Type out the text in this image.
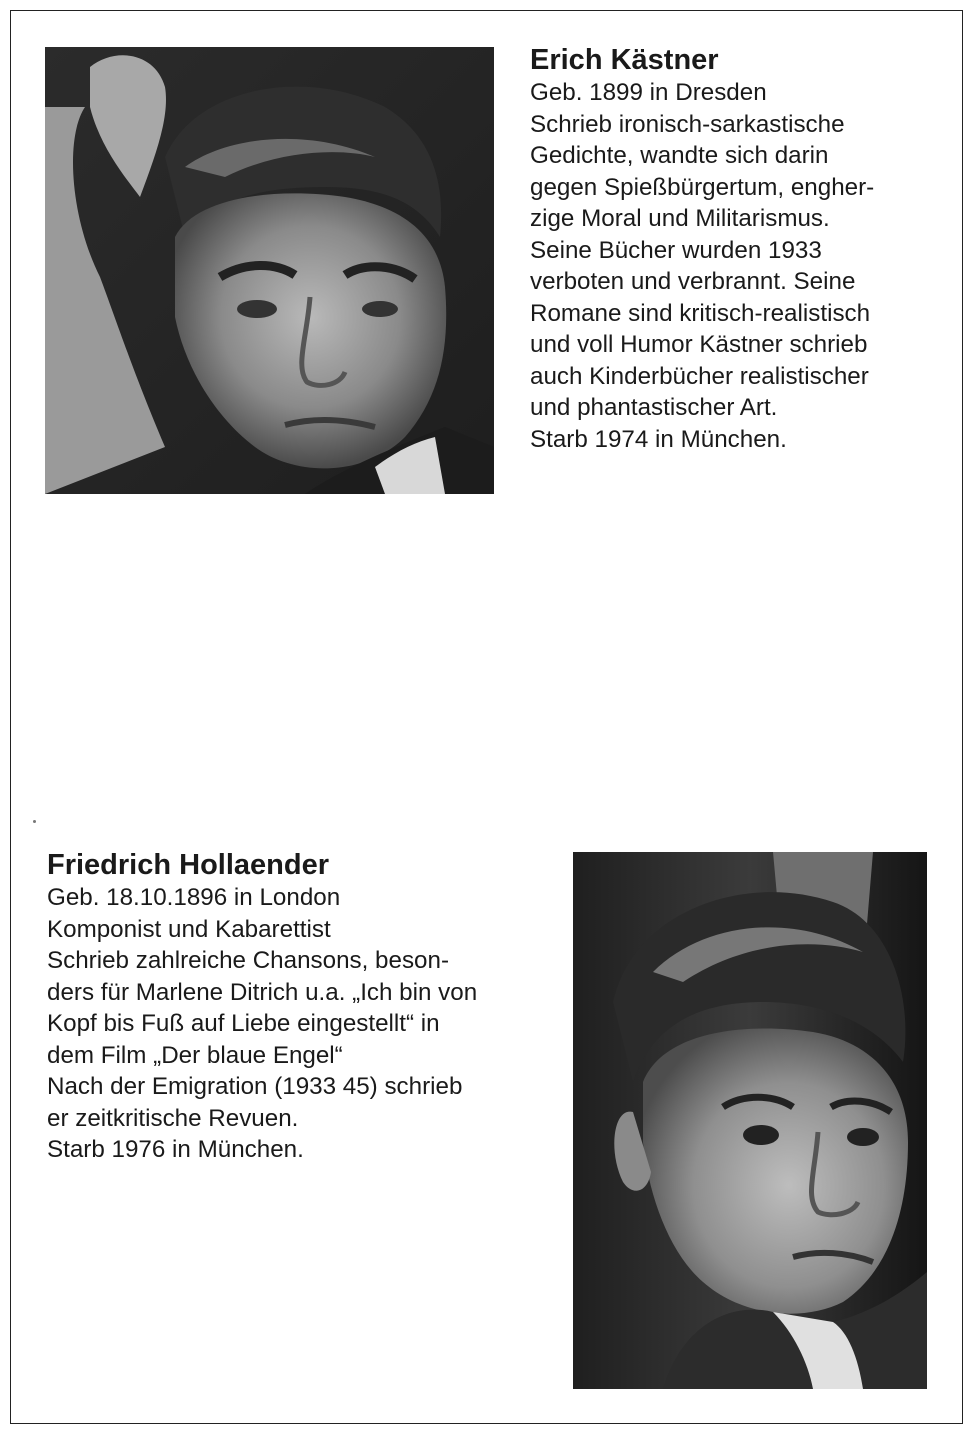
Erich Kästner
Geb. 1899 in Dresden
Schrieb ironisch-sarkastische
Gedichte, wandte sich darin
gegen Spießbürgertum, engher-
zige Moral und Militarismus.
Seine Bücher wurden 1933
verboten und verbrannt. Seine
Romane sind kritisch-realistisch
und voll Humor Kästner schrieb
auch Kinderbücher realistischer
und phantastischer Art.
Starb 1974 in München.
Friedrich Hollaender
Geb. 18.10.1896 in London
Komponist und Kabarettist
Schrieb zahlreiche Chansons, beson-
ders für Marlene Ditrich u.a. „Ich bin von
Kopf bis Fuß auf Liebe eingestellt“ in
dem Film „Der blaue Engel“
Nach der Emigration (1933 45) schrieb
er zeitkritische Revuen.
Starb 1976 in München.
